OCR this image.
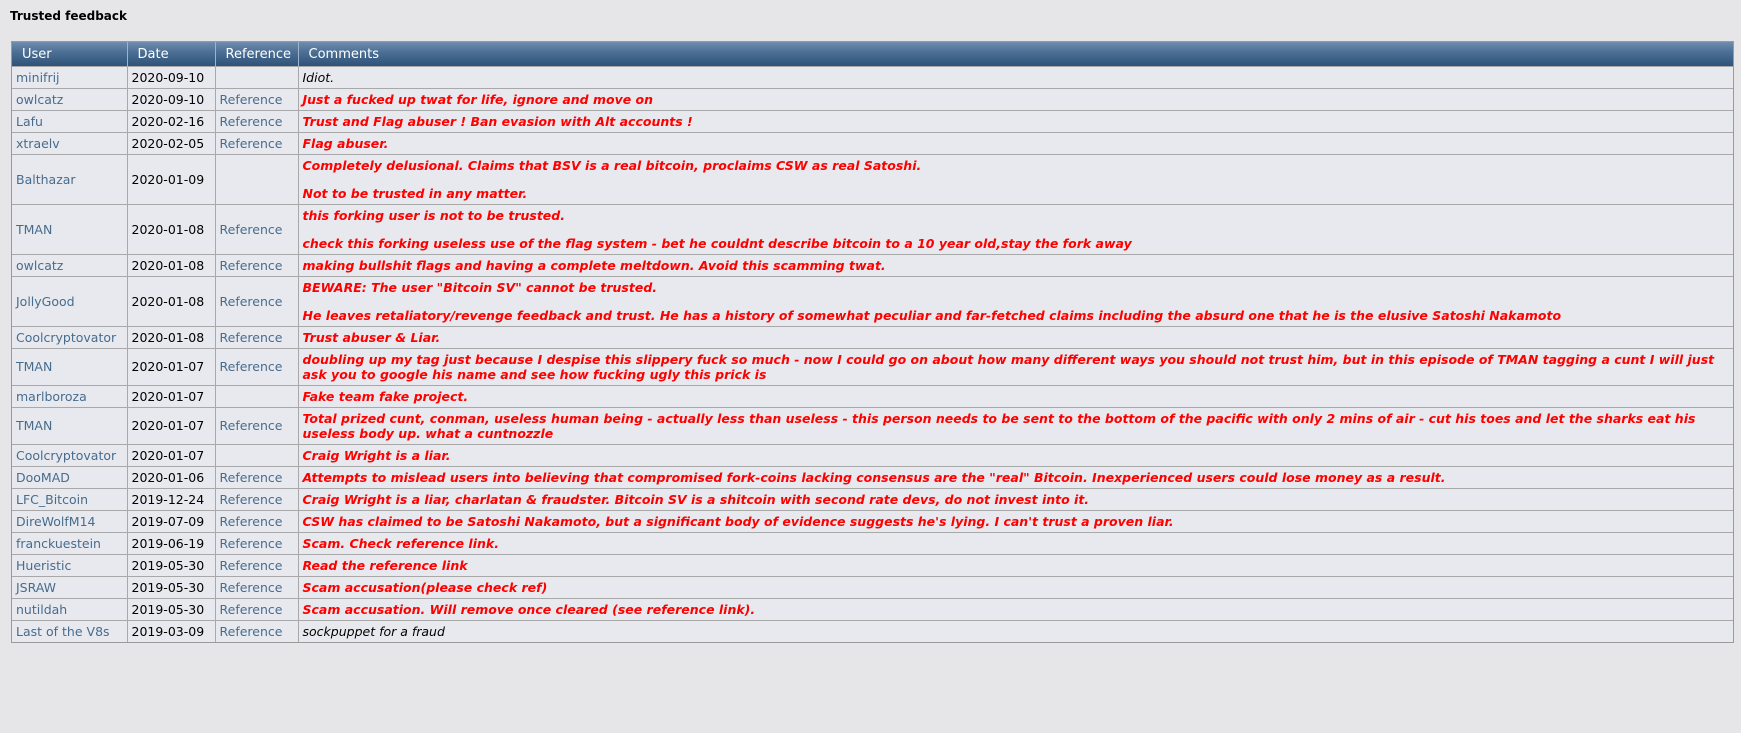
Trusted feedback
User	Date	Reference	Comments
minifrij	2020-09-10		Idiot.

owlcatz	2020-09-10	Reference	Just a fucked up twat for life, ignore and move on

Lafu	2020-02-16	Reference	Trust and Flag abuser ! Ban evasion with Alt accounts !

xtraelv	2020-02-05	Reference	Flag abuser.

Balthazar	2020-01-09		Completely delusional. Claims that BSV is a real bitcoin, proclaims CSW as real Satoshi.
Not to be trusted in any matter.

TMAN	2020-01-08	Reference	this forking user is not to be trusted.
check this forking useless use of the flag system - bet he couldnt describe bitcoin to a 10 year old,stay the fork away

owlcatz	2020-01-08	Reference	making bullshit flags and having a complete meltdown. Avoid this scamming twat.

JollyGood	2020-01-08	Reference	BEWARE: The user "Bitcoin SV" cannot be trusted.
He leaves retaliatory/revenge feedback and trust. He has a history of somewhat peculiar and far-fetched claims including the absurd one that he is the elusive Satoshi Nakamoto

Coolcryptovator	2020-01-08	Reference	Trust abuser & Liar.

TMAN	2020-01-07	Reference	doubling up my tag just because I despise this slippery fuck so much - now I could go on about how many different ways you should not trust him, but in this episode of TMAN tagging a cunt I will just ask you to google his name and see how fucking ugly this prick is

marlboroza	2020-01-07		Fake team fake project.

TMAN	2020-01-07	Reference	Total prized cunt, conman, useless human being - actually less than useless - this person needs to be sent to the bottom of the pacific with only 2 mins of air - cut his toes and let the sharks eat his useless body up. what a cuntnozzle

Coolcryptovator	2020-01-07		Craig Wright is a liar.

DooMAD	2020-01-06	Reference	Attempts to mislead users into believing that compromised fork-coins lacking consensus are the "real" Bitcoin. Inexperienced users could lose money as a result.

LFC_Bitcoin	2019-12-24	Reference	Craig Wright is a liar, charlatan & fraudster. Bitcoin SV is a shitcoin with second rate devs, do not invest into it.

DireWolfM14	2019-07-09	Reference	CSW has claimed to be Satoshi Nakamoto, but a significant body of evidence suggests he's lying. I can't trust a proven liar.

franckuestein	2019-06-19	Reference	Scam. Check reference link.

Hueristic	2019-05-30	Reference	Read the reference link

JSRAW	2019-05-30	Reference	Scam accusation(please check ref)

nutildah	2019-05-30	Reference	Scam accusation. Will remove once cleared (see reference link).

Last of the V8s	2019-03-09	Reference	sockpuppet for a fraud
